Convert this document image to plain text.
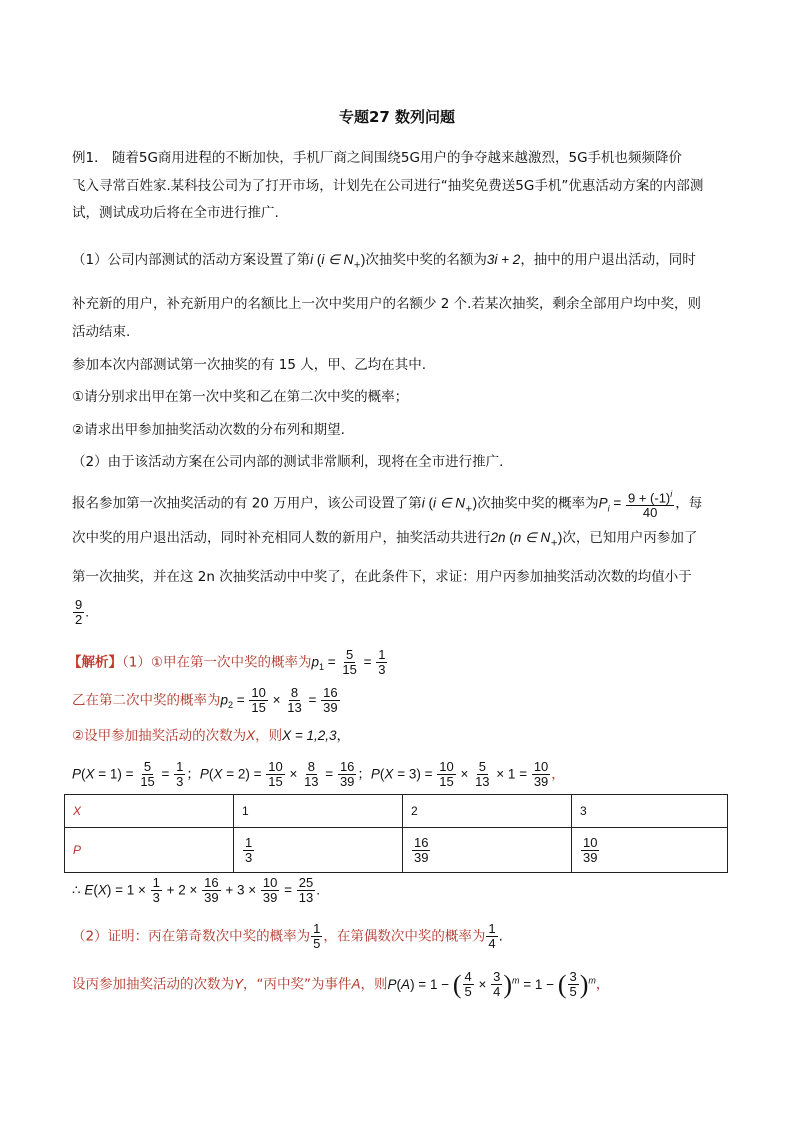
专题27 数列问题
例1． 随着5G商用进程的不断加快，手机厂商之间围绕5G用户的争夺越来越激烈，5G手机也频频降价
飞入寻常百姓家.某科技公司为了打开市场，计划先在公司进行“抽奖免费送5G手机”优惠活动方案的内部测
试，测试成功后将在全市进行推广.
（1）公司内部测试的活动方案设置了第i (i ∈ $N_+$)次抽奖中奖的名额为3i + 2，抽中的用户退出活动，同时
补充新的用户，补充新用户的名额比上一次中奖用户的名额少 2 个.若某次抽奖，剩余全部用户均中奖，则
活动结束.
参加本次内部测试第一次抽奖的有 15 人，甲、乙均在其中.
①请分别求出甲在第一次中奖和乙在第二次中奖的概率；
②请求出甲参加抽奖活动次数的分布列和期望.
（2）由于该活动方案在公司内部的测试非常顺利，现将在全市进行推广.
报名参加第一次抽奖活动的有 20 万用户，该公司设置了第i (i ∈ $N_+$)次抽奖中奖的概率为$P_i = \frac{9 + (-1)^i}{40}$ ，每
次中奖的用户退出活动，同时补充相同人数的新用户，抽奖活动共进行2n (n ∈ $N_+$)次，已知用户丙参加了
第一次抽奖，并在这 2n 次抽奖活动中中奖了，在此条件下，求证：用户丙参加抽奖活动次数的均值小于
$\frac{9}{2}$ .
【解析】（1）①甲在第一次中奖的概率为$p_1 = \frac{5}{15} = \frac{1}{3}$
乙在第二次中奖的概率为$p_2 = \frac{10}{15} \times \frac{8}{13} = \frac{16}{39}$
②设甲参加抽奖活动的次数为X，则X = 1,2,3，
$P(X = 1) = \frac{5}{15} = \frac{1}{3}$ ；$P(X = 2) = \frac{10}{15} \times \frac{8}{13} = \frac{16}{39}$ ；$P(X = 3) = \frac{10}{15} \times \frac{5}{13} \times 1 = \frac{10}{39}$ ，
X	1	2	3
P	$\frac{1}{3}$	$\frac{16}{39}$	$\frac{10}{39}$
∴ $E(X) = 1 \times \frac{1}{3} + 2 \times \frac{16}{39} + 3 \times \frac{10}{39} = \frac{25}{13}$ .
（2）证明：丙在第奇数次中奖的概率为 $\frac{1}{5}$ ，在第偶数次中奖的概率为 $\frac{1}{4}$ .
设丙参加抽奖活动的次数为Y，“丙中奖”为事件A，则P(A) = 1 − ( $\frac{4}{5} \times \frac{3}{4} )^m = 1$ − ( $\frac{3}{5} )^m$，
